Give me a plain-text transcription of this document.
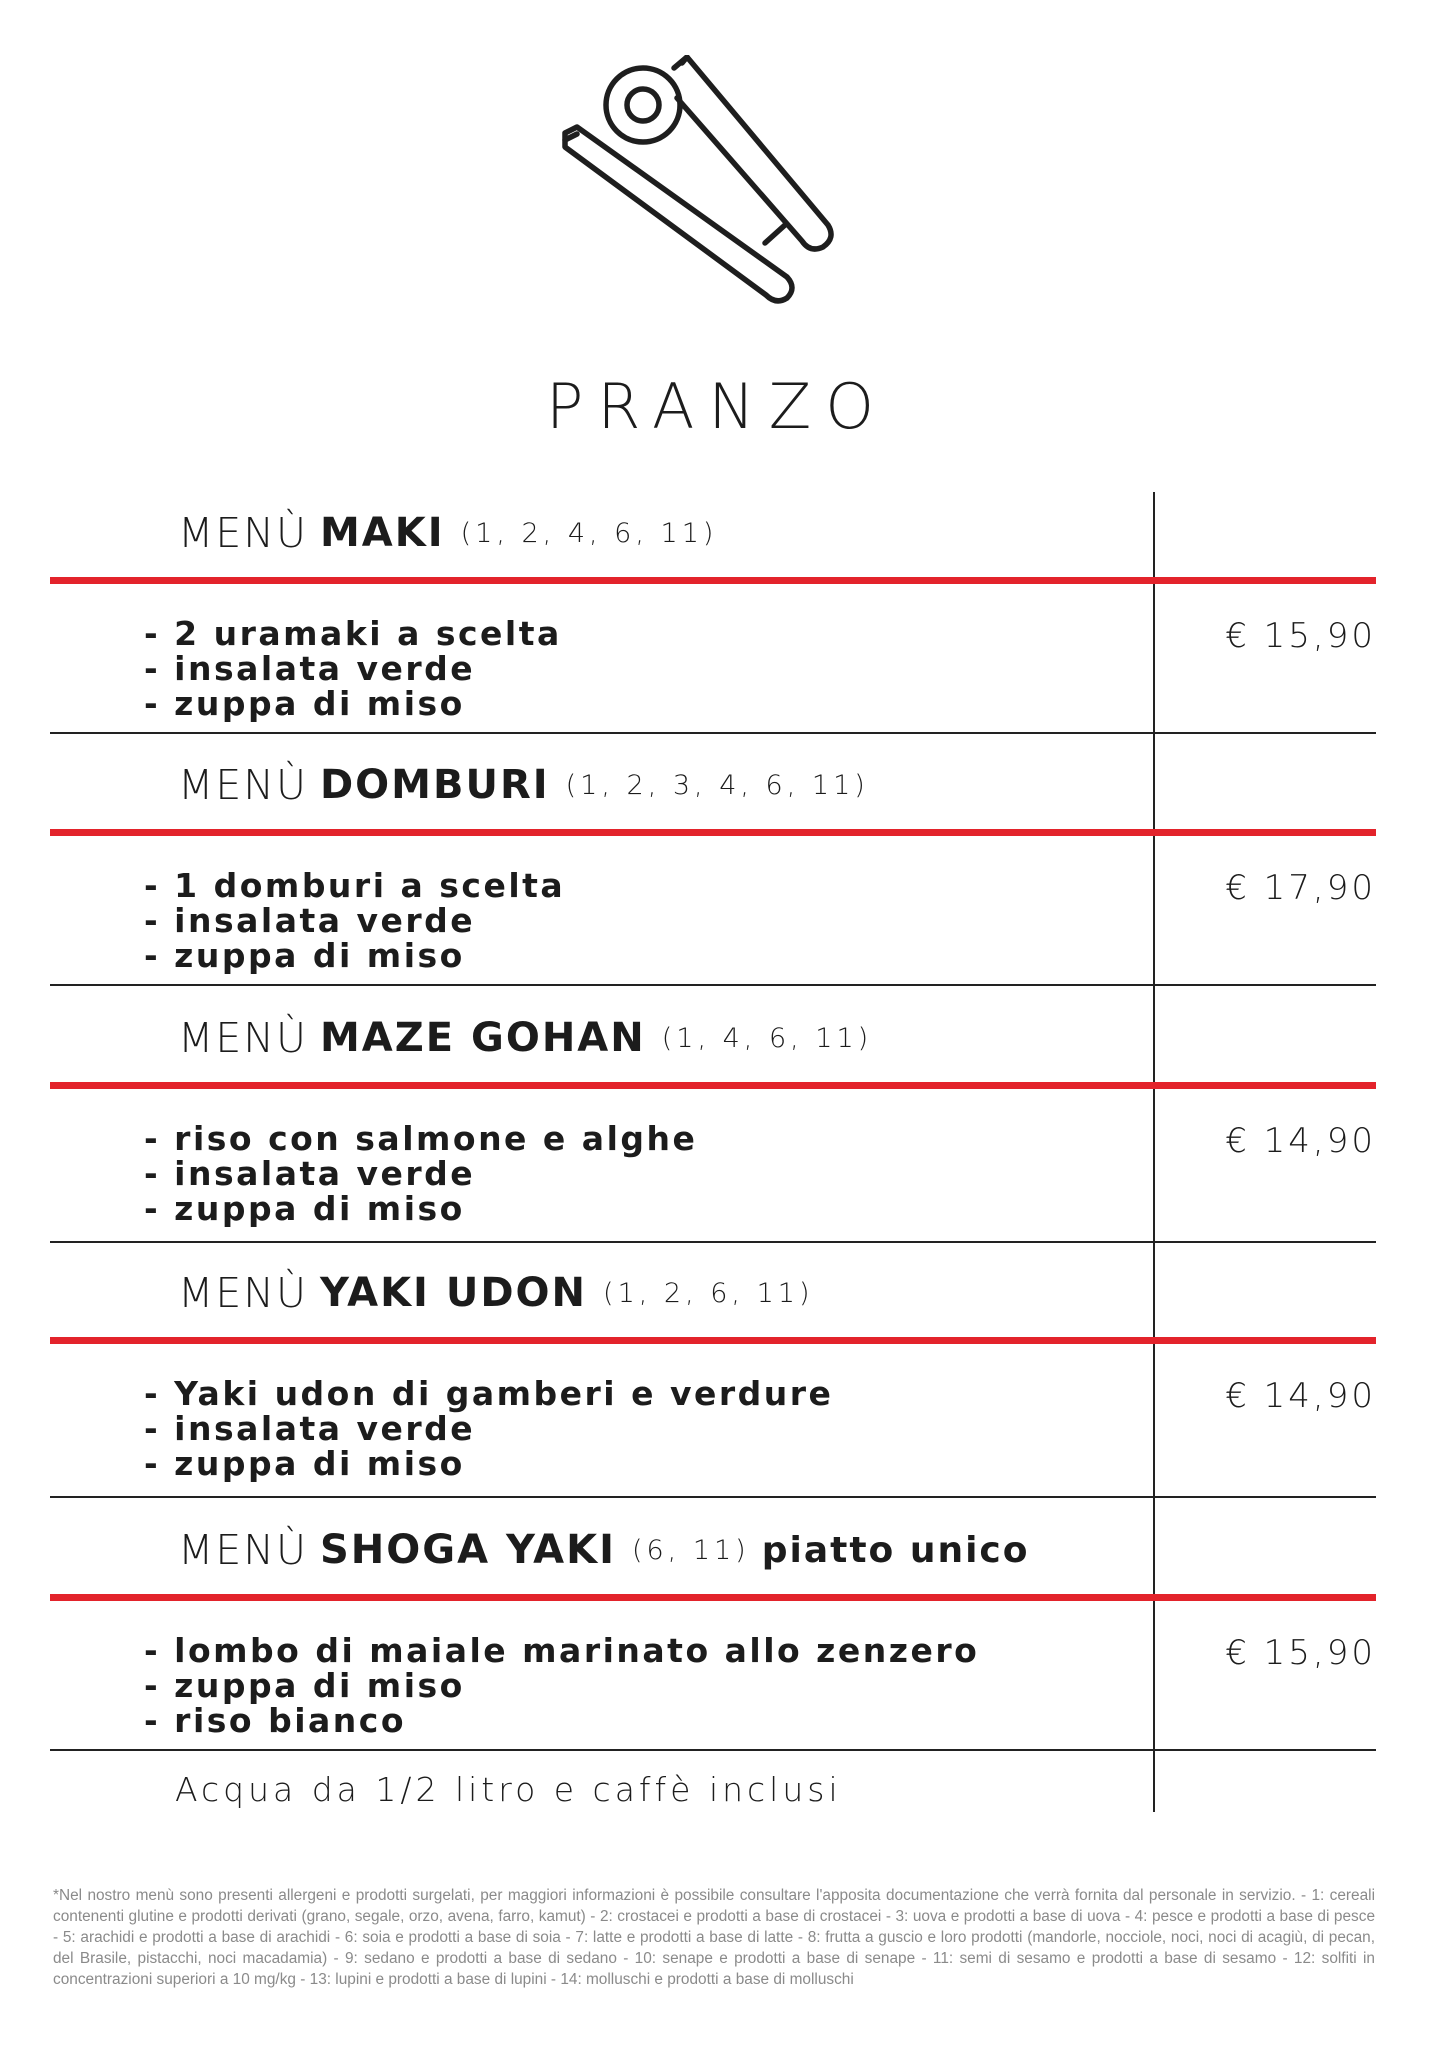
PRANZO
MENÙ MAKI (1, 2, 4, 6, 11)
- 2 uramaki a scelta
- insalata verde
- zuppa di miso
€ 15,90
MENÙ DOMBURI (1, 2, 3, 4, 6, 11)
- 1 domburi a scelta
- insalata verde
- zuppa di miso
€ 17,90
MENÙ MAZE GOHAN (1, 4, 6, 11)
- riso con salmone e alghe
- insalata verde
- zuppa di miso
€ 14,90
MENÙ YAKI UDON (1, 2, 6, 11)
- Yaki udon di gamberi e verdure
- insalata verde
- zuppa di miso
€ 14,90
MENÙ SHOGA YAKI (6, 11) piatto unico
- lombo di maiale marinato allo zenzero
- zuppa di miso
- riso bianco
€ 15,90
Acqua da 1/2 litro e caffè inclusi
*Nel nostro menù sono presenti allergeni e prodotti surgelati, per maggiori informazioni è possibile consultare l'apposita documentazione che verrà fornita dal personale in servizio. - 1: cereali contenenti glutine e prodotti derivati (grano, segale, orzo, avena, farro, kamut) - 2: crostacei e prodotti a base di crostacei - 3: uova e prodotti a base di uova - 4: pesce e prodotti a base di pesce - 5: arachidi e prodotti a base di arachidi - 6: soia e prodotti a base di soia - 7: latte e prodotti a base di latte - 8: frutta a guscio e loro prodotti (mandorle, nocciole, noci, noci di acagiù, di pecan, del Brasile, pistacchi, noci macadamia) - 9: sedano e prodotti a base di sedano - 10: senape e prodotti a base di senape - 11: semi di sesamo e prodotti a base di sesamo - 12: solfiti in concentrazioni superiori a 10 mg/kg - 13: lupini e prodotti a base di lupini - 14: molluschi e prodotti a base di molluschi
